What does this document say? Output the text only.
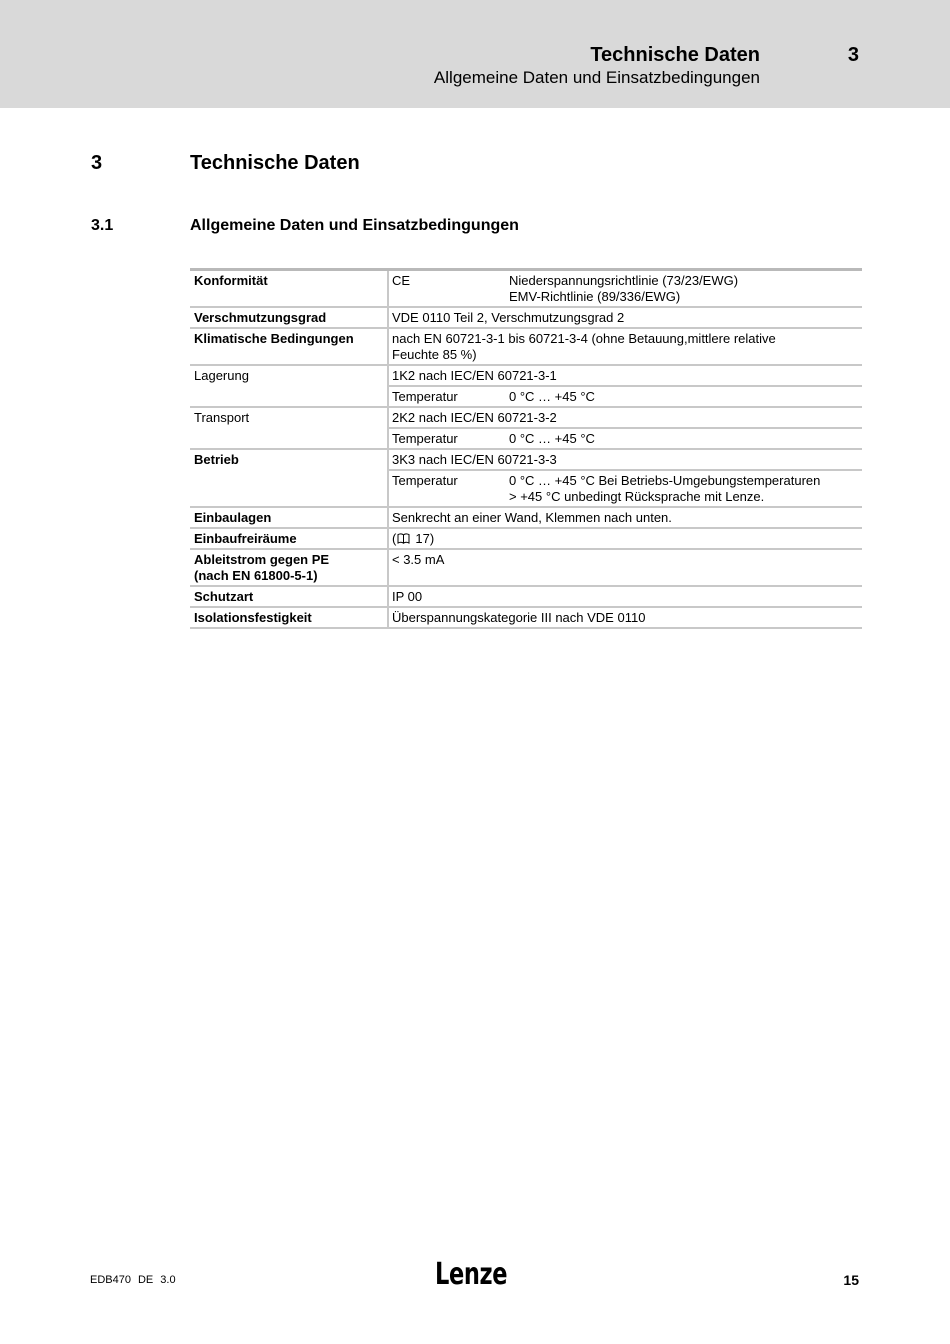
Technische Daten	3
Allgemeine Daten und Einsatzbedingungen
3	Technische Daten
3.1	Allgemeine Daten und Einsatzbedingungen
Konformität	CE	Niederspannungsrichtlinie (73/23/EWG)
EMV-Richtlinie (89/336/EWG)

Verschmutzungsgrad	VDE 0110 Teil 2, Verschmutzungsgrad 2	
Klimatische Bedingungen	nach EN 60721-3-1 bis 60721-3-4 (ohne Betauung,mittlere relative
Feuchte 85 %)	

Lagerung	1K2 nach IEC/EN 60721-3-1	
	Temperatur	0 °C … +45 °C
Transport	2K2 nach IEC/EN 60721-3-2	
	Temperatur	0 °C … +45 °C
Betrieb	3K3 nach IEC/EN 60721-3-3	
	Temperatur	0 °C … +45 °C Bei Betriebs-Umgebungstemperaturen
> +45 °C unbedingt Rücksprache mit Lenze.

Einbaulagen	Senkrecht an einer Wand, Klemmen nach unten.	
Einbaufreiräume	( 17)	

Ableitstrom gegen PE
(nach EN 61800-5-1)	< 3.5 mA	
Schutzart	IP 00	
Isolationsfestigkeit	Überspannungskategorie III nach VDE 0110	
EDB470 DE 3.0	Lenze	15
